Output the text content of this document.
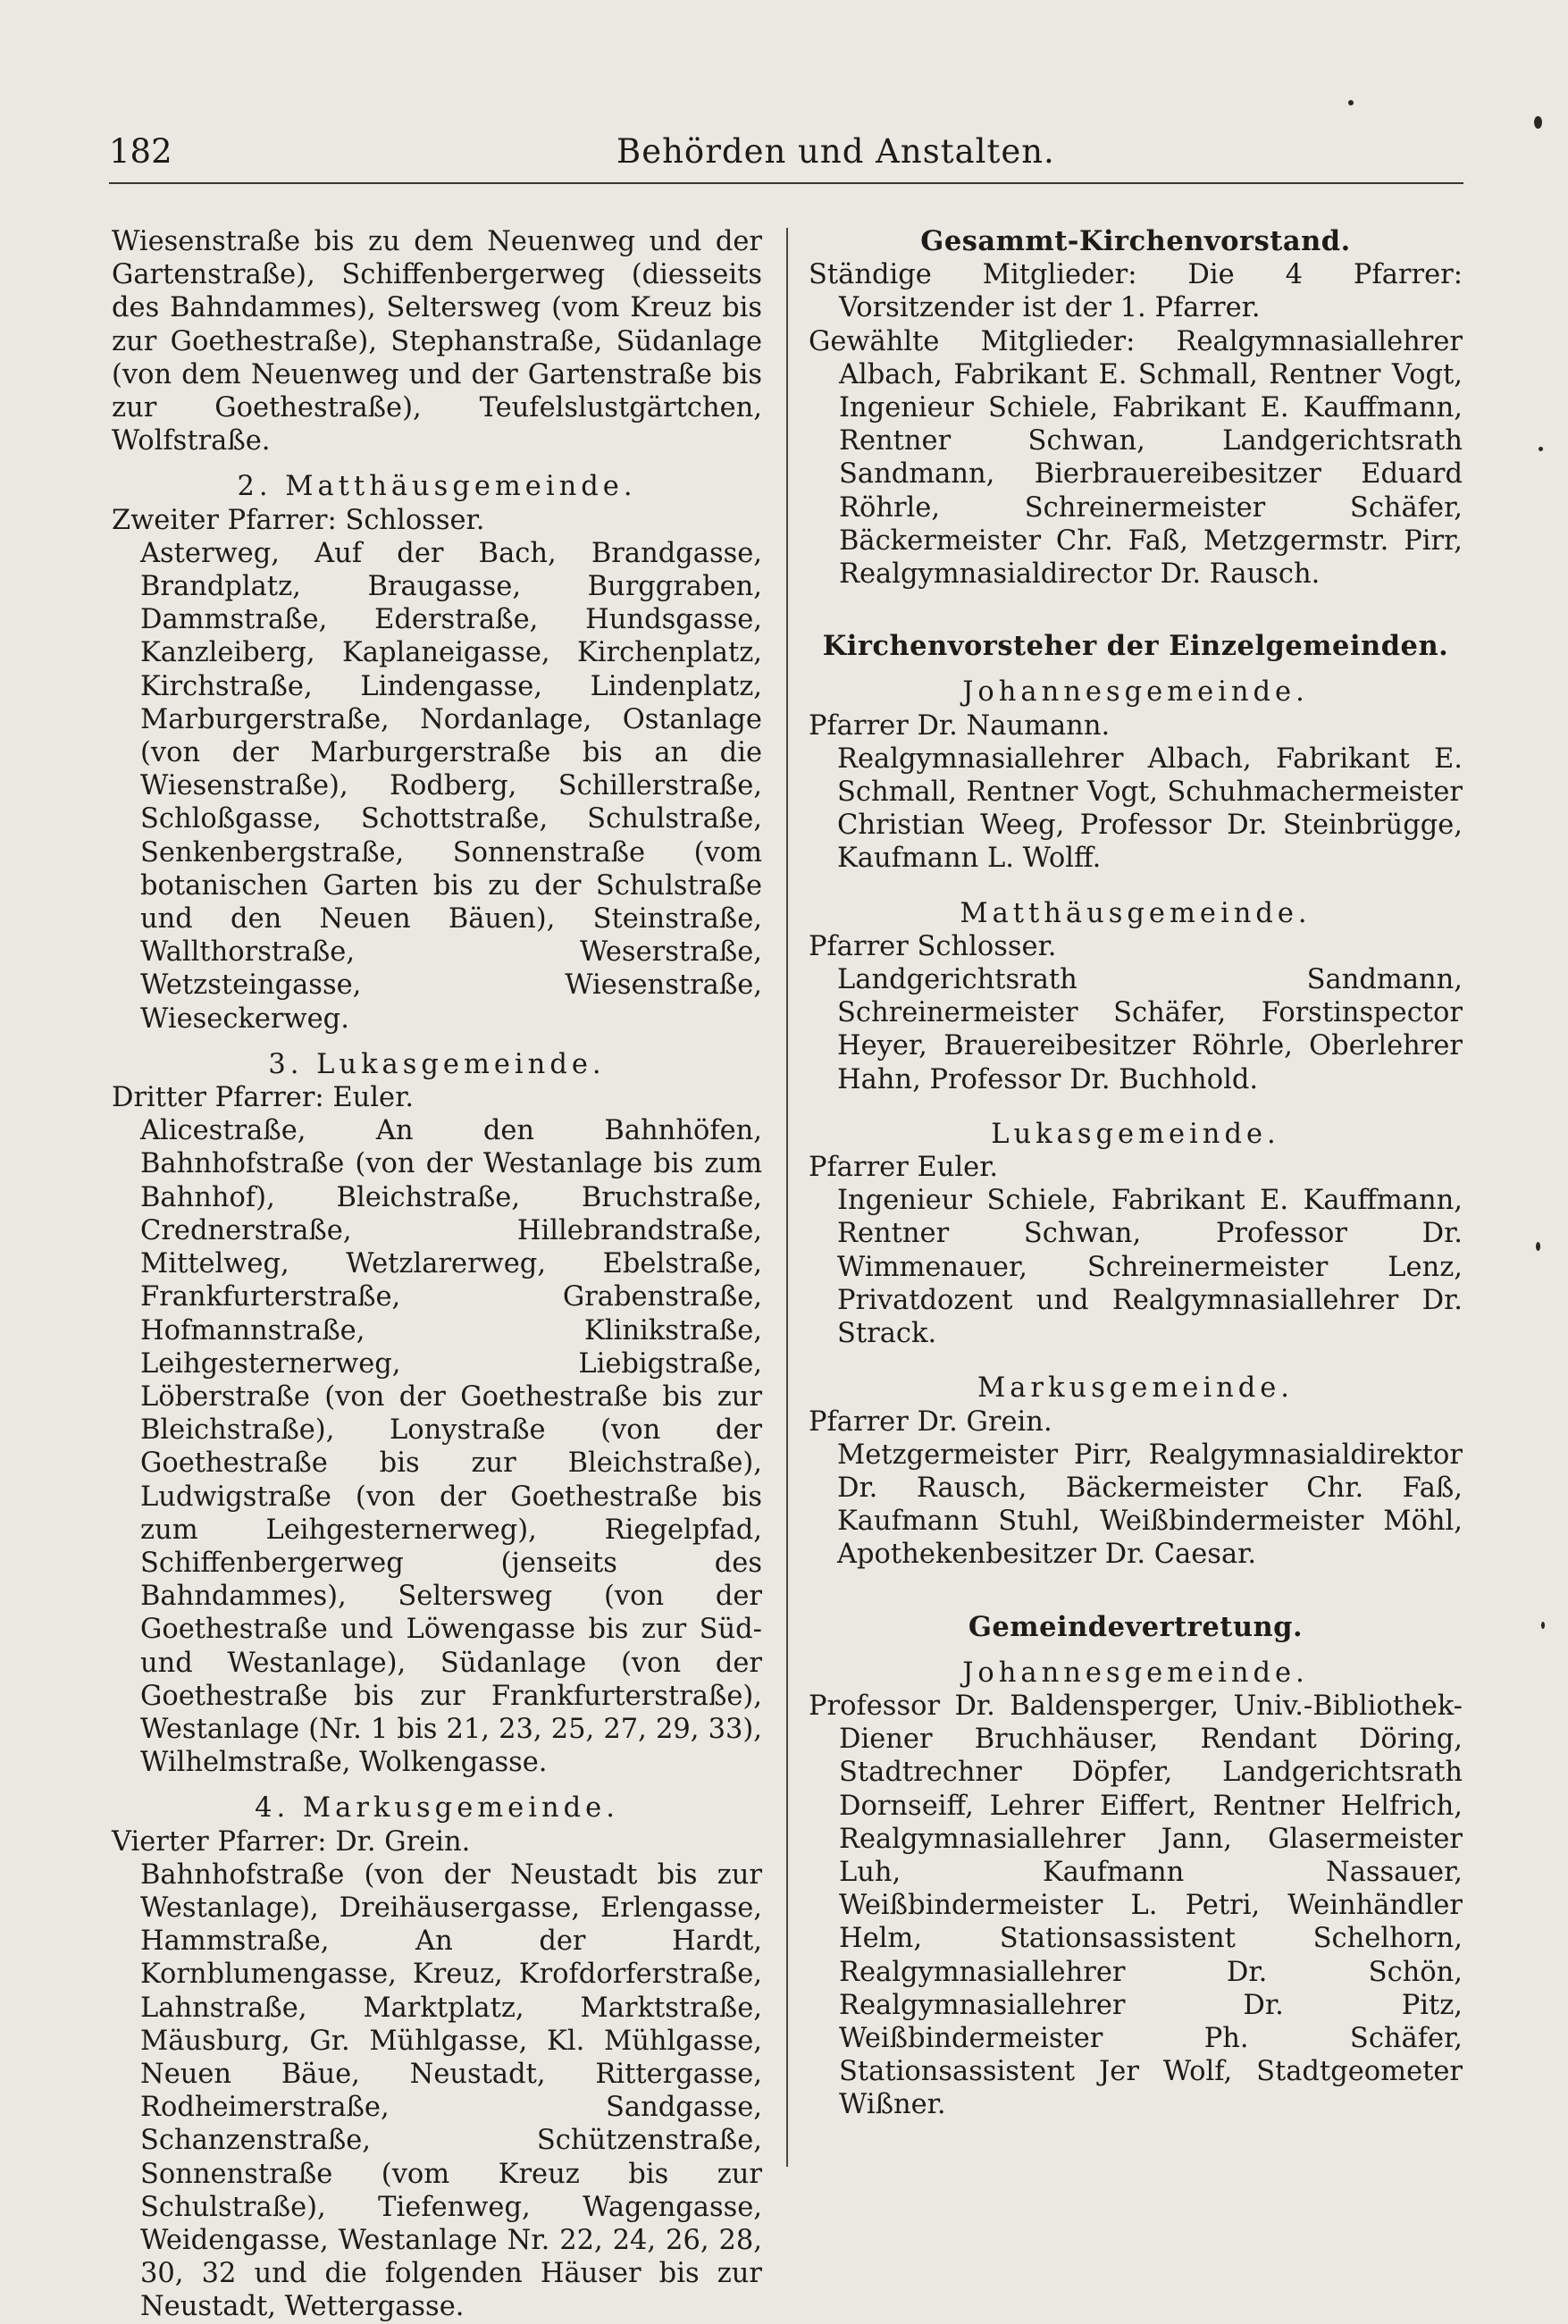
182	Behörden und Anstalten.

Wiesenstraße bis zu dem Neuenweg und der Gartenstraße), Schiffenbergerweg (diesseits des Bahndammes), Seltersweg (vom Kreuz bis zur Goethestraße), Stephanstraße, Südanlage (von dem Neuenweg und der Gartenstraße bis zur Goethestraße), Teufelslustgärtchen, Wolfstraße.

2. Matthäusgemeinde.

Zweiter Pfarrer: Schlosser.

Asterweg, Auf der Bach, Brandgasse, Brandplatz, Braugasse, Burggraben, Dammstraße, Ederstraße, Hundsgasse, Kanzleiberg, Kaplaneigasse, Kirchenplatz, Kirchstraße, Lindengasse, Lindenplatz, Marburgerstraße, Nordanlage, Ostanlage (von der Marburgerstraße bis an die Wiesenstraße), Rodberg, Schillerstraße, Schloßgasse, Schottstraße, Schulstraße, Senkenbergstraße, Sonnenstraße (vom botanischen Garten bis zu der Schulstraße und den Neuen Bäuen), Steinstraße, Wallthorstraße, Weserstraße, Wetzsteingasse, Wiesenstraße, Wieseckerweg.

3. Lukasgemeinde.

Dritter Pfarrer: Euler.

Alicestraße, An den Bahnhöfen, Bahnhofstraße (von der Westanlage bis zum Bahnhof), Bleichstraße, Bruchstraße, Crednerstraße, Hillebrandstraße, Mittelweg, Wetzlarerweg, Ebelstraße, Frankfurterstraße, Grabenstraße, Hofmannstraße, Klinikstraße, Leihgesternerweg, Liebigstraße, Löberstraße (von der Goethestraße bis zur Bleichstraße), Lonystraße (von der Goethestraße bis zur Bleichstraße), Ludwigstraße (von der Goethestraße bis zum Leihgesternerweg), Riegelpfad, Schiffenbergerweg (jenseits des Bahndammes), Seltersweg (von der Goethestraße und Löwengasse bis zur Süd- und Westanlage), Südanlage (von der Goethestraße bis zur Frankfurterstraße), Westanlage (Nr. 1 bis 21, 23, 25, 27, 29, 33), Wilhelmstraße, Wolkengasse.

4. Markusgemeinde.

Vierter Pfarrer: Dr. Grein.

Bahnhofstraße (von der Neustadt bis zur Westanlage), Dreihäusergasse, Erlengasse, Hammstraße, An der Hardt, Kornblumengasse, Kreuz, Krofdorferstraße, Lahnstraße, Marktplatz, Marktstraße, Mäusburg, Gr. Mühlgasse, Kl. Mühlgasse, Neuen Bäue, Neustadt, Rittergasse, Rodheimerstraße, Sandgasse, Schanzenstraße, Schützenstraße, Sonnenstraße (vom Kreuz bis zur Schulstraße), Tiefenweg, Wagengasse, Weidengasse, Westanlage Nr. 22, 24, 26, 28, 30, 32 und die folgenden Häuser bis zur Neustadt, Wettergasse.

Gesammt-Kirchenvorstand.

Ständige Mitglieder: Die 4 Pfarrer: Vorsitzender ist der 1. Pfarrer.

Gewählte Mitglieder: Realgymnasiallehrer Albach, Fabrikant E. Schmall, Rentner Vogt, Ingenieur Schiele, Fabrikant E. Kauffmann, Rentner Schwan, Landgerichtsrath Sandmann, Bierbrauereibesitzer Eduard Röhrle, Schreinermeister Schäfer, Bäckermeister Chr. Faß, Metzgermstr. Pirr, Realgymnasialdirector Dr. Rausch.

Kirchenvorsteher der Einzelgemeinden.

Johannesgemeinde.

Pfarrer Dr. Naumann.

Realgymnasiallehrer Albach, Fabrikant E. Schmall, Rentner Vogt, Schuhmachermeister Christian Weeg, Professor Dr. Steinbrügge, Kaufmann L. Wolff.

Matthäusgemeinde.

Pfarrer Schlosser.

Landgerichtsrath Sandmann, Schreinermeister Schäfer, Forstinspector Heyer, Brauereibesitzer Röhrle, Oberlehrer Hahn, Professor Dr. Buchhold.

Lukasgemeinde.

Pfarrer Euler.

Ingenieur Schiele, Fabrikant E. Kauffmann, Rentner Schwan, Professor Dr. Wimmenauer, Schreinermeister Lenz, Privatdozent und Realgymnasiallehrer Dr. Strack.

Markusgemeinde.

Pfarrer Dr. Grein.

Metzgermeister Pirr, Realgymnasialdirektor Dr. Rausch, Bäckermeister Chr. Faß, Kaufmann Stuhl, Weißbindermeister Möhl, Apothekenbesitzer Dr. Caesar.

Gemeindevertretung.

Johannesgemeinde.

Professor Dr. Baldensperger, Univ.-Bibliothek-Diener Bruchhäuser, Rendant Döring, Stadtrechner Döpfer, Landgerichtsrath Dornseiff, Lehrer Eiffert, Rentner Helfrich, Realgymnasiallehrer Jann, Glasermeister Luh, Kaufmann Nassauer, Weißbindermeister L. Petri, Weinhändler Helm, Stationsassistent Schelhorn, Realgymnasiallehrer Dr. Schön, Realgymnasiallehrer Dr. Pitz, Weißbindermeister Ph. Schäfer, Stationsassistent Jer Wolf, Stadtgeometer Wißner.
